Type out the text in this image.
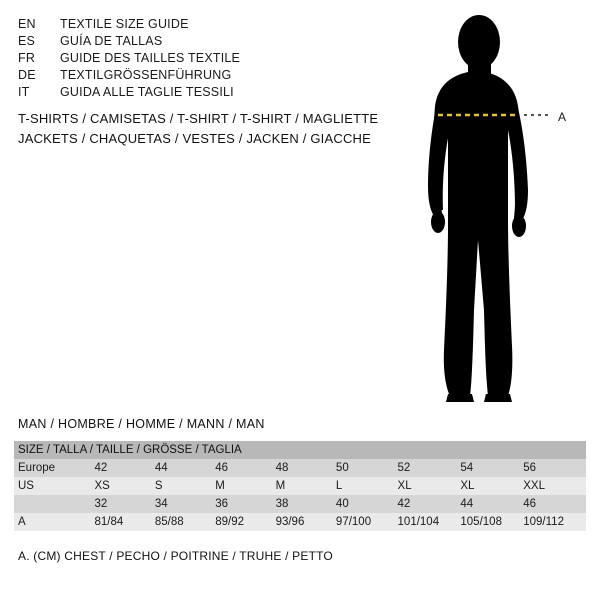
EN	TEXTILE SIZE GUIDE
ES	GUÍA DE TALLAS
FR	GUIDE DES TAILLES TEXTILE
DE	TEXTILGRÖSSENFÜHRUNG
IT	GUIDA ALLE TAGLIE TESSILI
T-SHIRTS / CAMISETAS / T-SHIRT / T-SHIRT / MAGLIETTE
JACKETS / CHAQUETAS / VESTES / JACKEN / GIACCHE
A
MAN / HOMBRE / HOMME / MANN / MAN
SIZE / TALLA / TAILLE / GRÖSSE / TAGLIA								
Europe	42	44	46	48	50	52	54	56
US	XS	S	M	M	L	XL	XL	XXL
	32	34	36	38	40	42	44	46
A	81/84	85/88	89/92	93/96	97/100	101/104	105/108	109/112
A. (CM) CHEST / PECHO / POITRINE / TRUHE / PETTO
